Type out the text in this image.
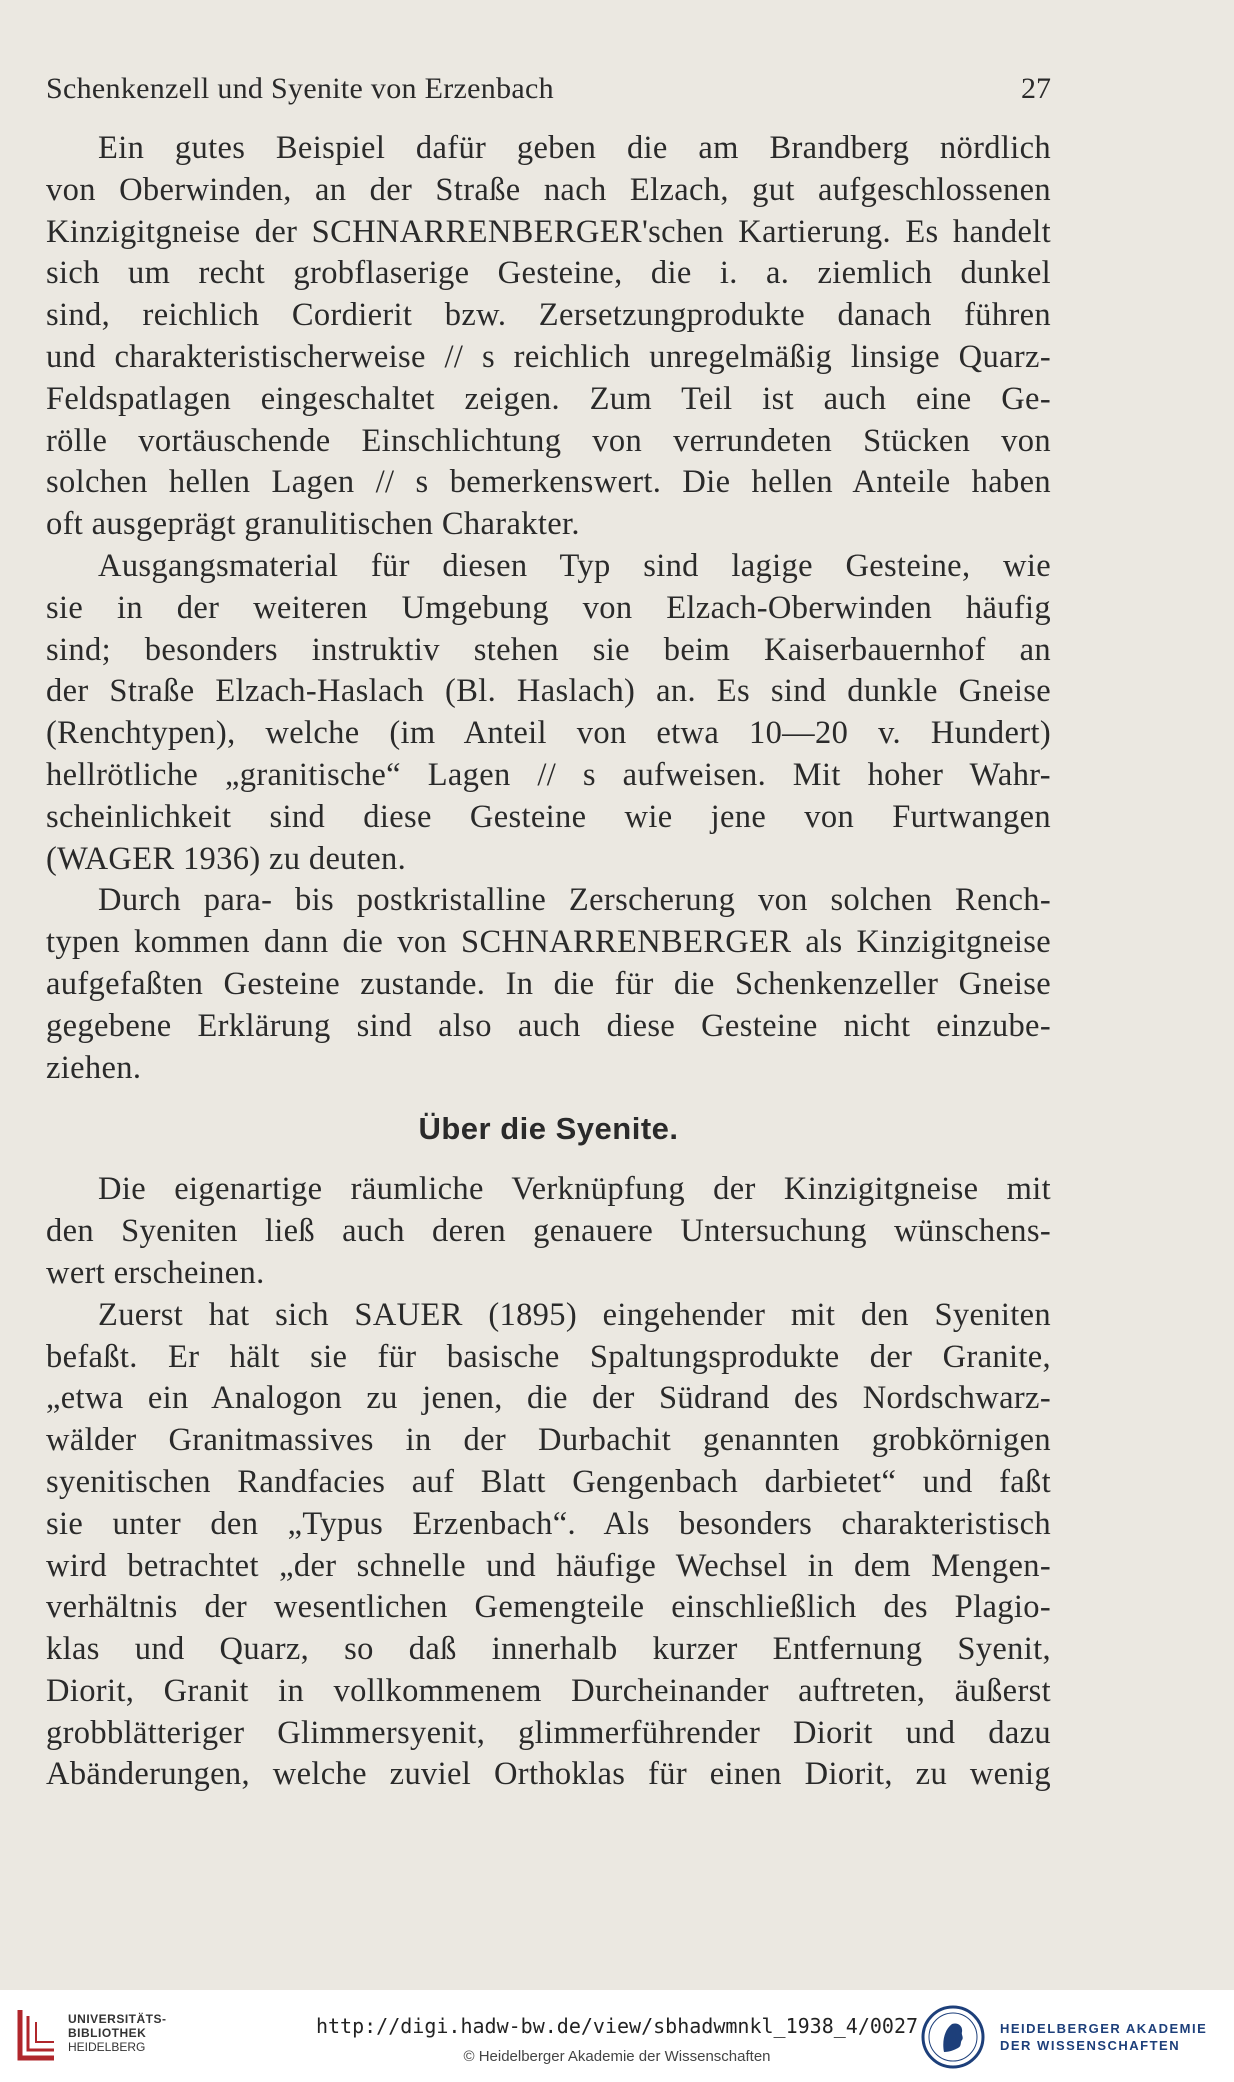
Schenkenzell und Syenite von Erzenbach	27
Ein gutes Beispiel dafür geben die am Brandberg nördlich
von Oberwinden, an der Straße nach Elzach, gut aufgeschlossenen
Kinzigitgneise der SCHNARRENBERGER'schen Kartierung. Es handelt
sich um recht grobflaserige Gesteine, die i. a. ziemlich dunkel
sind, reichlich Cordierit bzw. Zersetzungprodukte danach führen
und charakteristischerweise // s reichlich unregelmäßig linsige Quarz-
Feldspatlagen eingeschaltet zeigen. Zum Teil ist auch eine Ge-
rölle vortäuschende Einschlichtung von verrundeten Stücken von
solchen hellen Lagen // s bemerkenswert. Die hellen Anteile haben
oft ausgeprägt granulitischen Charakter.
Ausgangsmaterial für diesen Typ sind lagige Gesteine, wie
sie in der weiteren Umgebung von Elzach-Oberwinden häufig
sind; besonders instruktiv stehen sie beim Kaiserbauernhof an
der Straße Elzach-Haslach (Bl. Haslach) an. Es sind dunkle Gneise
(Renchtypen), welche (im Anteil von etwa 10—20 v. Hundert)
hellrötliche „granitische“ Lagen // s aufweisen. Mit hoher Wahr-
scheinlichkeit sind diese Gesteine wie jene von Furtwangen
(WAGER 1936) zu deuten.
Durch para- bis postkristalline Zerscherung von solchen Rench-
typen kommen dann die von SCHNARRENBERGER als Kinzigitgneise
aufgefaßten Gesteine zustande. In die für die Schenkenzeller Gneise
gegebene Erklärung sind also auch diese Gesteine nicht einzube-
ziehen.
Über die Syenite.
Die eigenartige räumliche Verknüpfung der Kinzigitgneise mit
den Syeniten ließ auch deren genauere Untersuchung wünschens-
wert erscheinen.
Zuerst hat sich SAUER (1895) eingehender mit den Syeniten
befaßt. Er hält sie für basische Spaltungsprodukte der Granite,
„etwa ein Analogon zu jenen, die der Südrand des Nordschwarz-
wälder Granitmassives in der Durbachit genannten grobkörnigen
syenitischen Randfacies auf Blatt Gengenbach darbietet“ und faßt
sie unter den „Typus Erzenbach“. Als besonders charakteristisch
wird betrachtet „der schnelle und häufige Wechsel in dem Mengen-
verhältnis der wesentlichen Gemengteile einschließlich des Plagio-
klas und Quarz, so daß innerhalb kurzer Entfernung Syenit,
Diorit, Granit in vollkommenem Durcheinander auftreten, äußerst
grobblätteriger Glimmersyenit, glimmerführender Diorit und dazu
Abänderungen, welche zuviel Orthoklas für einen Diorit, zu wenig
UNIVERSITÄTS-
BIBLIOTHEK
HEIDELBERG
http://digi.hadw-bw.de/view/sbhadwmnkl_1938_4/0027
© Heidelberger Akademie der Wissenschaften
HEIDELBERGER AKADEMIE
DER WISSENSCHAFTEN
